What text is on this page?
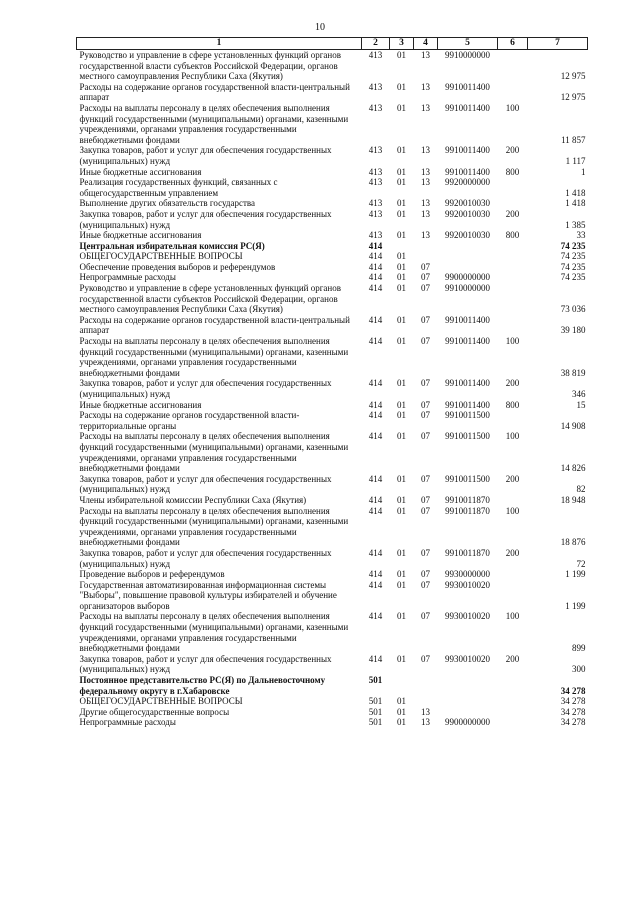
10
1	2	3	4	5	6	7
Руководство и управление в сфере установленных функций органов государственной власти субъектов Российской Федерации, органов местного самоуправления Республики Саха (Якутия)	413	01	13	9910000000		12 975
Расходы на содержание органов государственной власти-центральный аппарат	413	01	13	9910011400		12 975
Расходы на выплаты персоналу в целях обеспечения выполнения функций государственными (муниципальными) органами, казенными учреждениями, органами управления государственными внебюджетными фондами	413	01	13	9910011400	100	11 857
Закупка товаров, работ и услуг для обеспечения государственных (муниципальных) нужд	413	01	13	9910011400	200	1 117
Иные бюджетные ассигнования	413	01	13	9910011400	800	1
Реализация государственных функций, связанных с общегосударственным управлением	413	01	13	9920000000		1 418
Выполнение других обязательств государства	413	01	13	9920010030		1 418
Закупка товаров, работ и услуг для обеспечения государственных (муниципальных) нужд	413	01	13	9920010030	200	1 385
Иные бюджетные ассигнования	413	01	13	9920010030	800	33
Центральная избирательная комиссия РС(Я)	414					74 235
ОБЩЕГОСУДАРСТВЕННЫЕ ВОПРОСЫ	414	01				74 235
Обеспечение проведения выборов и референдумов	414	01	07			74 235
Непрограммные расходы	414	01	07	9900000000		74 235
Руководство и управление в сфере установленных функций органов государственной власти субъектов Российской Федерации, органов местного самоуправления Республики Саха (Якутия)	414	01	07	9910000000		73 036
Расходы на содержание органов государственной власти-центральный аппарат	414	01	07	9910011400		39 180
Расходы на выплаты персоналу в целях обеспечения выполнения функций государственными (муниципальными) органами, казенными учреждениями, органами управления государственными внебюджетными фондами	414	01	07	9910011400	100	38 819
Закупка товаров, работ и услуг для обеспечения государственных (муниципальных) нужд	414	01	07	9910011400	200	346
Иные бюджетные ассигнования	414	01	07	9910011400	800	15
Расходы на содержание органов государственной власти-территориальные органы	414	01	07	9910011500		14 908
Расходы на выплаты персоналу в целях обеспечения выполнения функций государственными (муниципальными) органами, казенными учреждениями, органами управления государственными внебюджетными фондами	414	01	07	9910011500	100	14 826
Закупка товаров, работ и услуг для обеспечения государственных (муниципальных) нужд	414	01	07	9910011500	200	82
Члены избирательной комиссии Республики Саха (Якутия)	414	01	07	9910011870		18 948
Расходы на выплаты персоналу в целях обеспечения выполнения функций государственными (муниципальными) органами, казенными учреждениями, органами управления государственными внебюджетными фондами	414	01	07	9910011870	100	18 876
Закупка товаров, работ и услуг для обеспечения государственных (муниципальных) нужд	414	01	07	9910011870	200	72
Проведение выборов и референдумов	414	01	07	9930000000		1 199
Государственная автоматизированная информационная системы "Выборы", повышение правовой культуры избирателей и обучение организаторов выборов	414	01	07	9930010020		1 199
Расходы на выплаты персоналу в целях обеспечения выполнения функций государственными (муниципальными) органами, казенными учреждениями, органами управления государственными внебюджетными фондами	414	01	07	9930010020	100	899
Закупка товаров, работ и услуг для обеспечения государственных (муниципальных) нужд	414	01	07	9930010020	200	300
Постоянное представительство РС(Я) по Дальневосточному федеральному округу в г.Хабаровске	501					34 278
ОБЩЕГОСУДАРСТВЕННЫЕ ВОПРОСЫ	501	01				34 278
Другие общегосударственные вопросы	501	01	13			34 278
Непрограммные расходы	501	01	13	9900000000		34 278
